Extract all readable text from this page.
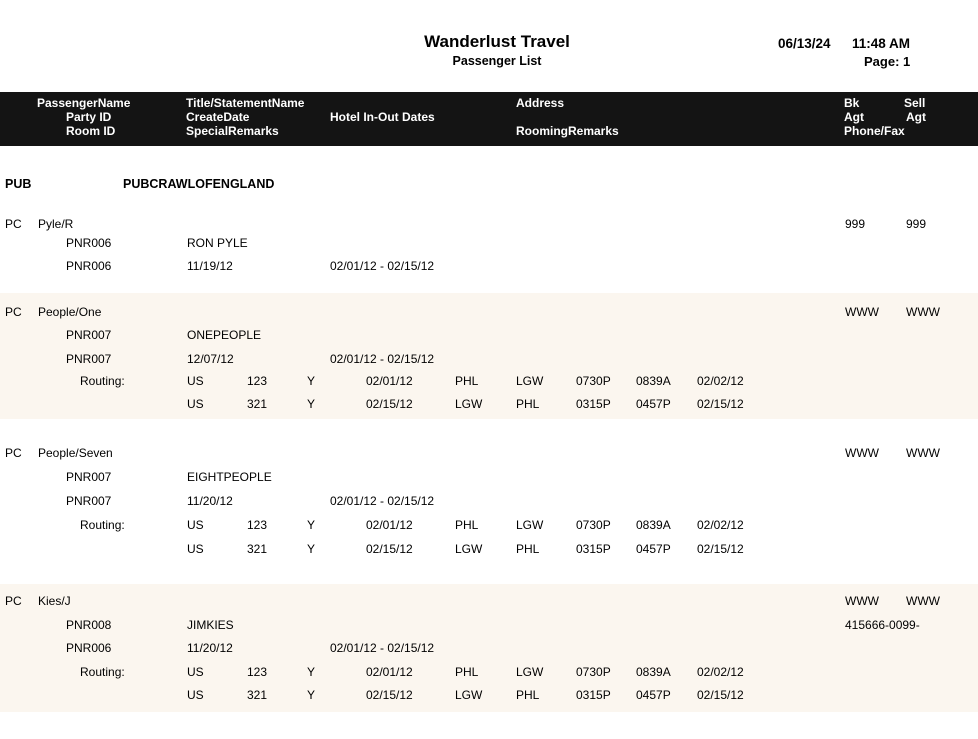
Wanderlust Travel
Passenger List
06/13/24 11:48 AM
Page: 1
PassengerName
Party ID
Room ID
Title/StatementName
CreateDate
SpecialRemarks
Hotel In-Out Dates
Address
RoomingRemarks
Bk	Sell
Agt	Agt
Phone/Fax
PUB	PUBCRAWLOFENGLAND
PC Pyle/R	999	999
PNR006	RON PYLE
PNR006	11/19/12	02/01/12 - 02/15/12
PC People/One	WWW WWW
PNR007	ONEPEOPLE
PNR007	12/07/12	02/01/12 - 02/15/12
Routing:	US	123	Y	02/01/12	PHL	LGW	0730P 0839A 02/02/12
US	321	Y	02/15/12	LGW	PHL	0315P 0457P 02/15/12
PC People/Seven	WWW WWW
PNR007	EIGHTPEOPLE
PNR007	11/20/12	02/01/12 - 02/15/12
Routing:	US	123	Y	02/01/12	PHL	LGW	0730P 0839A 02/02/12
US	321	Y	02/15/12	LGW	PHL	0315P 0457P 02/15/12
PC Kies/J	WWW WWW
PNR008	JIMKIES	415666-0099-
PNR006	11/20/12	02/01/12 - 02/15/12
Routing:	US	123	Y	02/01/12	PHL	LGW	0730P 0839A 02/02/12
US	321	Y	02/15/12	LGW	PHL	0315P 0457P 02/15/12
